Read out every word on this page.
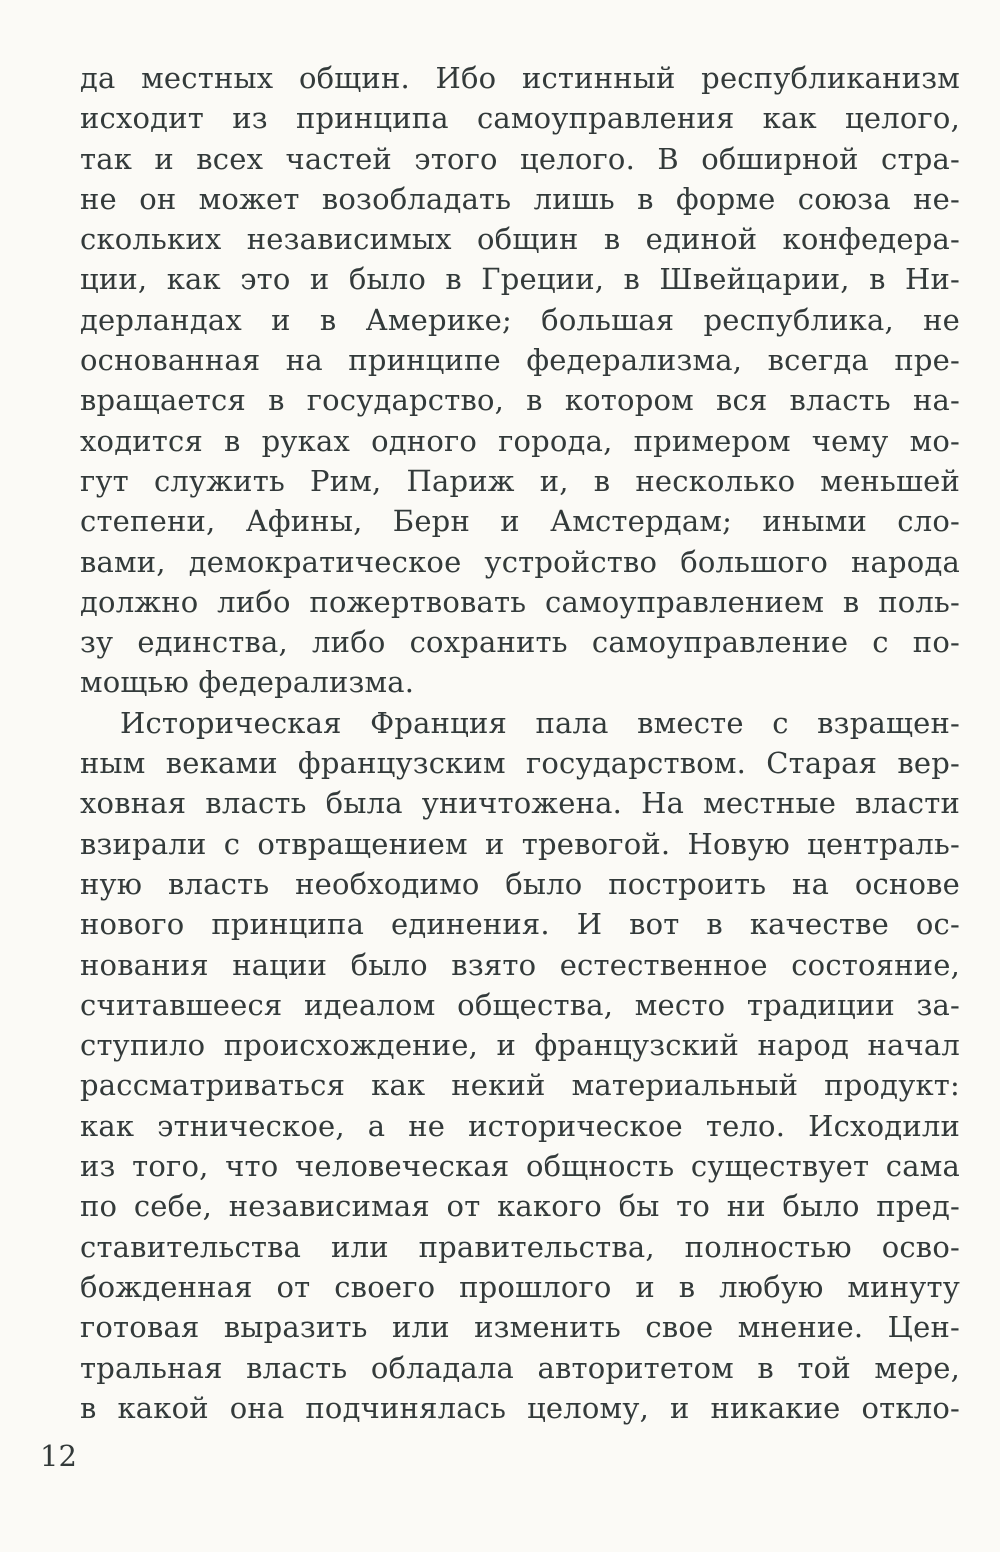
да местных общин. Ибо истинный республиканизм
исходит из принципа самоуправления как целого,
так и всех частей этого целого. В обширной стра-
не он может возобладать лишь в форме союза не-
скольких независимых общин в единой конфедера-
ции, как это и было в Греции, в Швейцарии, в Ни-
дерландах и в Америке; большая республика, не
основанная на принципе федерализма, всегда пре-
вращается в государство, в котором вся власть на-
ходится в руках одного города, примером чему мо-
гут служить Рим, Париж и, в несколько меньшей
степени, Афины, Берн и Амстердам; иными сло-
вами, демократическое устройство большого народа
должно либо пожертвовать самоуправлением в поль-
зу единства, либо сохранить самоуправление с по-
мощью федерализма.
Историческая Франция пала вместе с взращен-
ным веками французским государством. Старая вер-
ховная власть была уничтожена. На местные власти
взирали с отвращением и тревогой. Новую централь-
ную власть необходимо было построить на основе
нового принципа единения. И вот в качестве ос-
нования нации было взято естественное состояние,
считавшееся идеалом общества, место традиции за-
ступило происхождение, и французский народ начал
рассматриваться как некий материальный продукт:
как этническое, а не историческое тело. Исходили
из того, что человеческая общность существует сама
по себе, независимая от какого бы то ни было пред-
ставительства или правительства, полностью осво-
божденная от своего прошлого и в любую минуту
готовая выразить или изменить свое мнение. Цен-
тральная власть обладала авторитетом в той мере,
в какой она подчинялась целому, и никакие откло-
12
